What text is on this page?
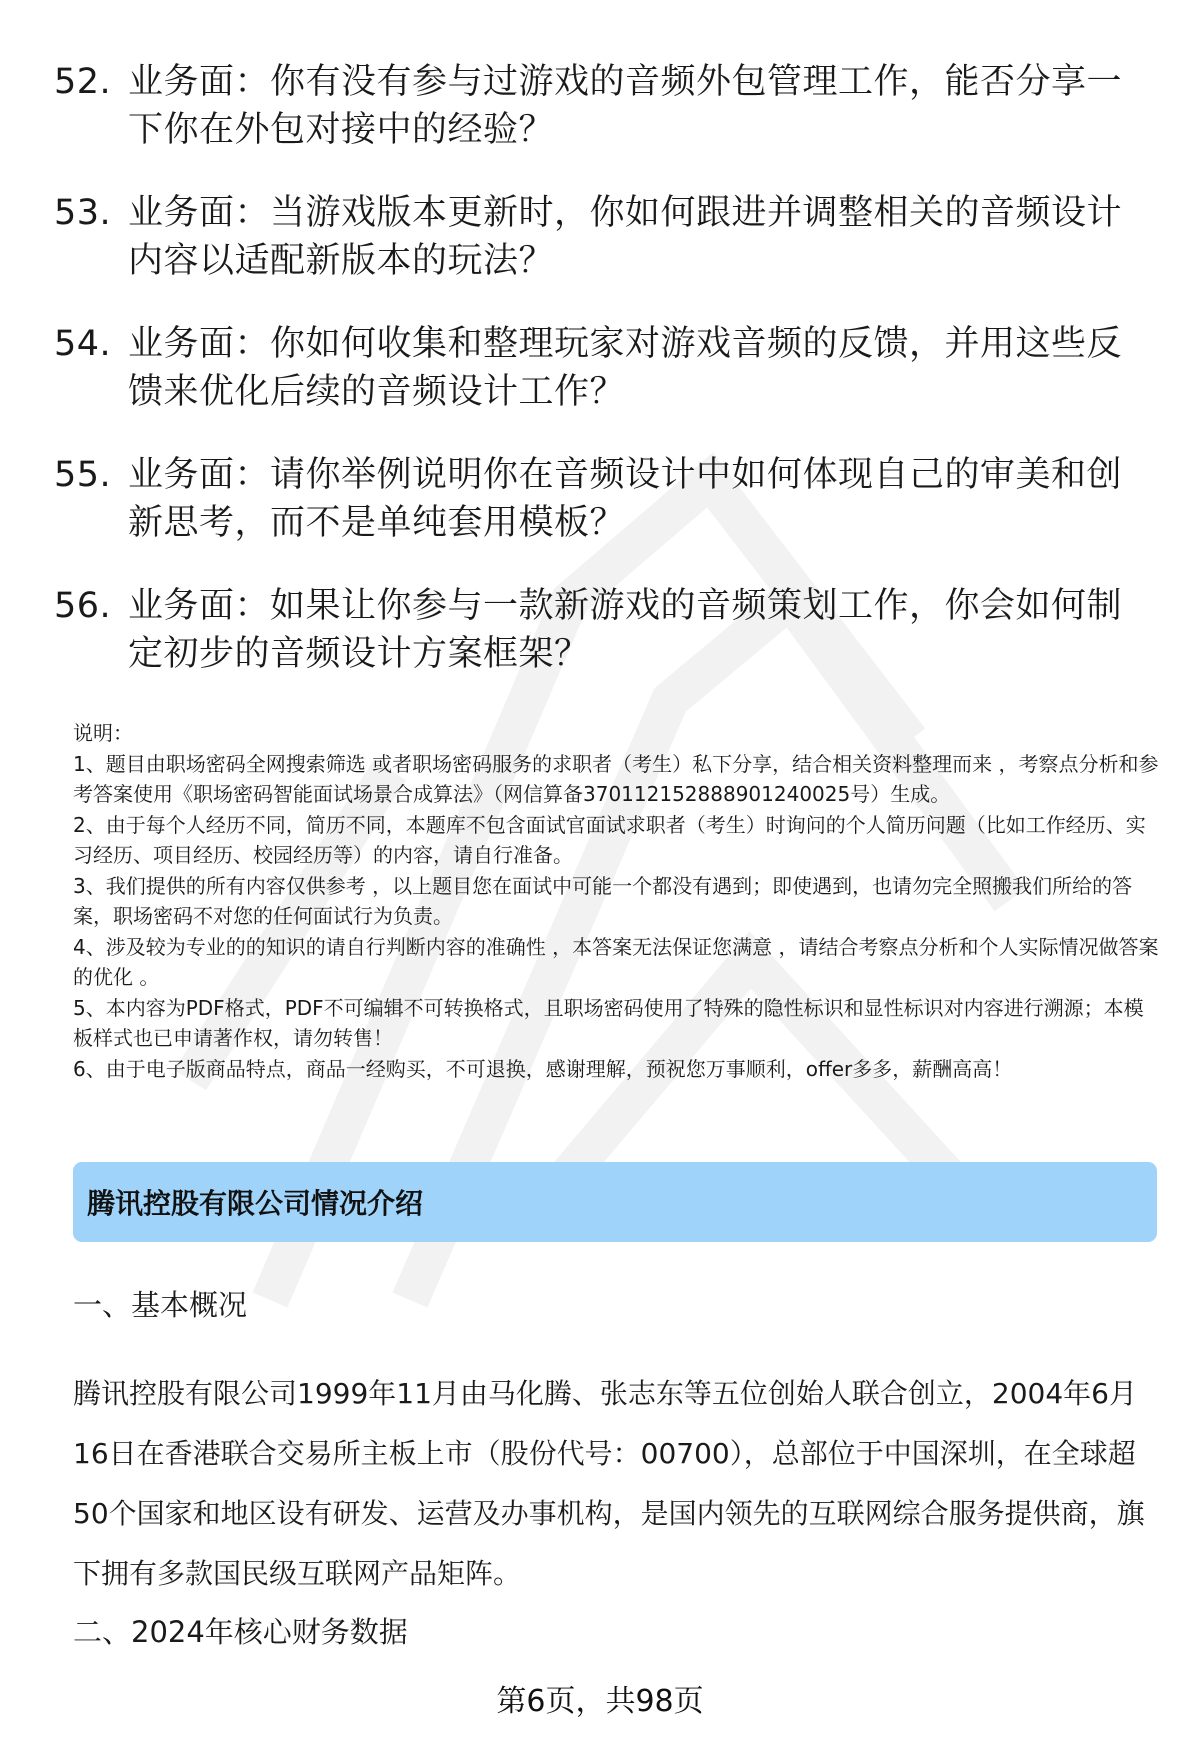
52. 业务面：你有没有参与过游戏的音频外包管理工作，能否分享一下你在外包对接中的经验？
53. 业务面：当游戏版本更新时，你如何跟进并调整相关的音频设计内容以适配新版本的玩法？
54. 业务面：你如何收集和整理玩家对游戏音频的反馈，并用这些反馈来优化后续的音频设计工作？
55. 业务面：请你举例说明你在音频设计中如何体现自己的审美和创新思考，而不是单纯套用模板？
56. 业务面：如果让你参与一款新游戏的音频策划工作，你会如何制定初步的音频设计方案框架？

说明：

1、题目由职场密码全网搜索筛选 或者职场密码服务的求职者（考生）私下分享，结合相关资料整理而来 ，考察点分析和参考答案使用《职场密码智能面试场景合成算法》（网信算备370112152888901240025号）生成。

2、由于每个人经历不同，简历不同，本题库不包含面试官面试求职者（考生）时询问的个人简历问题（比如工作经历、实习经历、项目经历、校园经历等）的内容，请自行准备。

3、我们提供的所有内容仅供参考 ，以上题目您在面试中可能一个都没有遇到；即使遇到，也请勿完全照搬我们所给的答案，职场密码不对您的任何面试行为负责。

4、涉及较为专业的的知识的请自行判断内容的准确性 ，本答案无法保证您满意 ，请结合考察点分析和个人实际情况做答案的优化 。

5、本内容为PDF格式，PDF不可编辑不可转换格式，且职场密码使用了特殊的隐性标识和显性标识对内容进行溯源；本模板样式也已申请著作权，请勿转售！

6、由于电子版商品特点，商品一经购买，不可退换，感谢理解，预祝您万事顺利，offer多多，薪酬高高！

腾讯控股有限公司情况介绍
一、基本概况
腾讯控股有限公司1999年11月由马化腾、张志东等五位创始人联合创立，2004年6月16日在香港联合交易所主板上市（股份代号：00700），总部位于中国深圳，在全球超50个国家和地区设有研发、运营及办事机构，是国内领先的互联网综合服务提供商，旗下拥有多款国民级互联网产品矩阵。
二、2024年核心财务数据
第6页，共98页
